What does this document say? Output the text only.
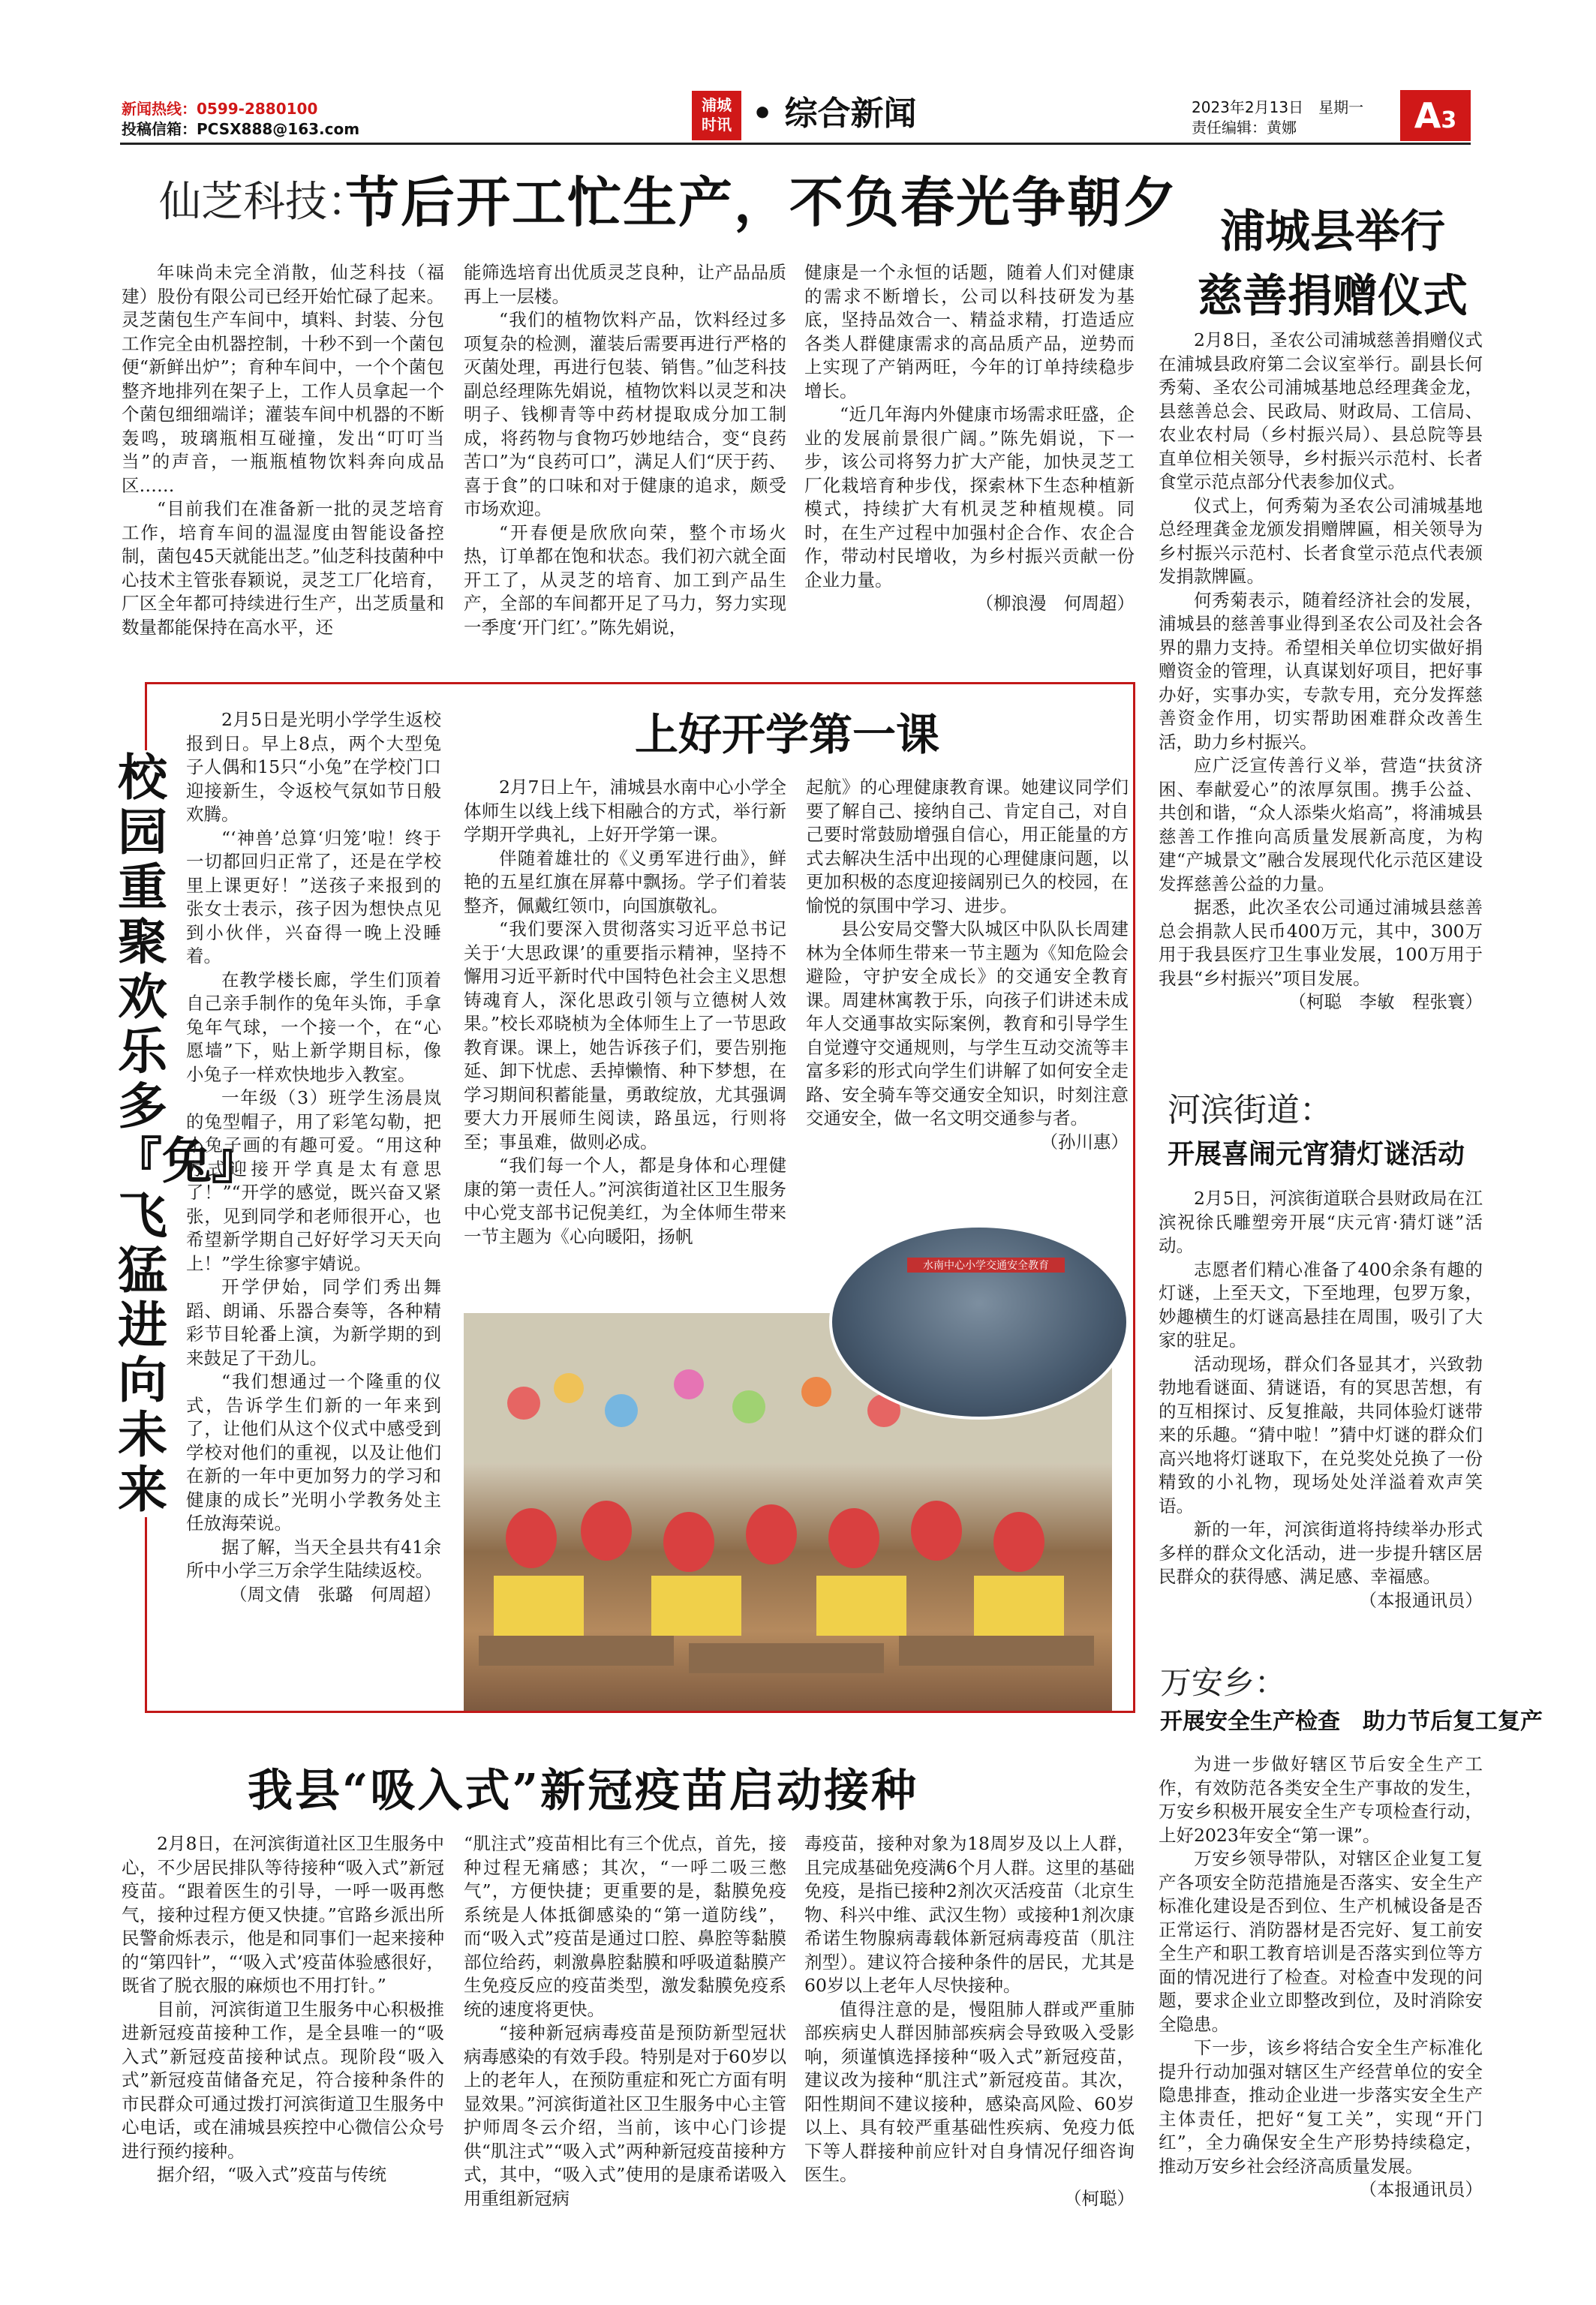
新闻热线：0599-2880100
投稿信箱：PCSX888@163.com
浦城
时讯 • 综合新闻	2023年2月13日　星期一
责任编辑：黄娜	A3
仙芝科技：
节后开工忙生产，不负春光争朝夕

年味尚未完全消散，仙芝科技（福建）股份有限公司已经开始忙碌了起来。灵芝菌包生产车间中，填料、封装、分包工作完全由机器控制，十秒不到一个菌包便“新鲜出炉”；育种车间中，一个个菌包整齐地排列在架子上，工作人员拿起一个个菌包细细端详；灌装车间中机器的不断轰鸣，玻璃瓶相互碰撞，发出“叮叮当当”的声音，一瓶瓶植物饮料奔向成品区……

“目前我们在准备新一批的灵芝培育工作，培育车间的温湿度由智能设备控制，菌包45天就能出芝。”仙芝科技菌种中心技术主管张春颖说，灵芝工厂化培育，厂区全年都可持续进行生产，出芝质量和数量都能保持在高水平，还

能筛选培育出优质灵芝良种，让产品品质再上一层楼。

“我们的植物饮料产品，饮料经过多项复杂的检测，灌装后需要再进行严格的灭菌处理，再进行包装、销售。”仙芝科技副总经理陈先娟说，植物饮料以灵芝和决明子、钱柳青等中药材提取成分加工制成，将药物与食物巧妙地结合，变“良药苦口”为“良药可口”，满足人们“厌于药、喜于食”的口味和对于健康的追求，颇受市场欢迎。

“开春便是欣欣向荣，整个市场火热，订单都在饱和状态。我们初六就全面开工了，从灵芝的培育、加工到产品生产，全部的车间都开足了马力，努力实现一季度‘开门红’。”陈先娟说，

健康是一个永恒的话题，随着人们对健康的需求不断增长，公司以科技研发为基底，坚持品效合一、精益求精，打造适应各类人群健康需求的高品质产品，逆势而上实现了产销两旺，今年的订单持续稳步增长。

“近几年海内外健康市场需求旺盛，企业的发展前景很广阔。”陈先娟说，下一步，该公司将努力扩大产能，加快灵芝工厂化栽培育种步伐，探索林下生态种植新模式，持续扩大有机灵芝种植规模。同时，在生产过程中加强村企合作、农企合作，带动村民增收，为乡村振兴贡献一份企业力量。

（柳浪漫　何周超）

浦城县举行
慈善捐赠仪式

2月8日，圣农公司浦城慈善捐赠仪式在浦城县政府第二会议室举行。副县长何秀菊、圣农公司浦城基地总经理龚金龙，县慈善总会、民政局、财政局、工信局、农业农村局（乡村振兴局）、县总院等县直单位相关领导，乡村振兴示范村、长者食堂示范点部分代表参加仪式。

仪式上，何秀菊为圣农公司浦城基地总经理龚金龙颁发捐赠牌匾，相关领导为乡村振兴示范村、长者食堂示范点代表颁发捐款牌匾。

何秀菊表示，随着经济社会的发展，浦城县的慈善事业得到圣农公司及社会各界的鼎力支持。希望相关单位切实做好捐赠资金的管理，认真谋划好项目，把好事办好，实事办实，专款专用，充分发挥慈善资金作用，切实帮助困难群众改善生活，助力乡村振兴。

应广泛宣传善行义举，营造“扶贫济困、奉献爱心”的浓厚氛围。携手公益、共创和谐，“众人添柴火焰高”，将浦城县慈善工作推向高质量发展新高度，为构建“产城景文”融合发展现代化示范区建设发挥慈善公益的力量。

据悉，此次圣农公司通过浦城县慈善总会捐款人民币400万元，其中，300万用于我县医疗卫生事业发展，100万用于我县“乡村振兴”项目发展。

（柯聪　李敏　程张寰）

校园重聚欢乐多『兔』飞猛进向未来

2月5日是光明小学学生返校报到日。早上8点，两个大型兔子人偶和15只“小兔”在学校门口迎接新生，令返校气氛如节日般欢腾。

“‘神兽’总算‘归笼’啦！终于一切都回归正常了，还是在学校里上课更好！”送孩子来报到的张女士表示，孩子因为想快点见到小伙伴，兴奋得一晚上没睡着。

在教学楼长廊，学生们顶着自己亲手制作的兔年头饰，手拿兔年气球，一个接一个，在“心愿墙”下，贴上新学期目标，像小兔子一样欢快地步入教室。

一年级（3）班学生汤晨岚的兔型帽子，用了彩笔勾勒，把小兔子画的有趣可爱。“用这种方式迎接开学真是太有意思了！”“开学的感觉，既兴奋又紧张，见到同学和老师很开心，也希望新学期自己好好学习天天向上！”学生徐寥宇婧说。

开学伊始，同学们秀出舞蹈、朗诵、乐器合奏等，各种精彩节目轮番上演，为新学期的到来鼓足了干劲儿。

“我们想通过一个隆重的仪式，告诉学生们新的一年来到了，让他们从这个仪式中感受到学校对他们的重视，以及让他们在新的一年中更加努力的学习和健康的成长”光明小学教务处主任放海荣说。

据了解，当天全县共有41余所中小学三万余学生陆续返校。

（周文倩　张璐　何周超）

上好开学第一课

2月7日上午，浦城县水南中心小学全体师生以线上线下相融合的方式，举行新学期开学典礼，上好开学第一课。

伴随着雄壮的《义勇军进行曲》，鲜艳的五星红旗在屏幕中飘扬。学子们着装整齐，佩戴红领巾，向国旗敬礼。

“我们要深入贯彻落实习近平总书记关于‘大思政课’的重要指示精神，坚持不懈用习近平新时代中国特色社会主义思想铸魂育人，深化思政引领与立德树人效果。”校长邓晓桢为全体师生上了一节思政教育课。课上，她告诉孩子们，要告别拖延、卸下忧虑、丢掉懒惰、种下梦想，在学习期间积蓄能量，勇敢绽放，尤其强调要大力开展师生阅读，路虽远，行则将至；事虽难，做则必成。

“我们每一个人，都是身体和心理健康的第一责任人。”河滨街道社区卫生服务中心党支部书记倪美红，为全体师生带来一节主题为《心向暖阳，扬帆

起航》的心理健康教育课。她建议同学们要了解自己、接纳自己、肯定自己，对自己要时常鼓励增强自信心，用正能量的方式去解决生活中出现的心理健康问题，以更加积极的态度迎接阔别已久的校园，在愉悦的氛围中学习、进步。

县公安局交警大队城区中队队长周建林为全体师生带来一节主题为《知危险会避险，守护安全成长》的交通安全教育课。周建林寓教于乐，向孩子们讲述未成年人交通事故实际案例，教育和引导学生自觉遵守交通规则，与学生互动交流等丰富多彩的形式向学生们讲解了如何安全走路、安全骑车等交通安全知识，时刻注意交通安全，做一名文明交通参与者。

（孙川惠）

水南中心小学交通安全教育
河滨街道：
开展喜闹元宵猜灯谜活动

2月5日，河滨街道联合县财政局在江滨祝徐氏雕塑旁开展“庆元宵·猜灯谜”活动。

志愿者们精心准备了400余条有趣的灯谜，上至天文，下至地理，包罗万象，妙趣横生的灯谜高悬挂在周围，吸引了大家的驻足。

活动现场，群众们各显其才，兴致勃勃地看谜面、猜谜语，有的冥思苦想，有的互相探讨、反复推敲，共同体验灯谜带来的乐趣。“猜中啦！”猜中灯谜的群众们高兴地将灯谜取下，在兑奖处兑换了一份精致的小礼物，现场处处洋溢着欢声笑语。

新的一年，河滨街道将持续举办形式多样的群众文化活动，进一步提升辖区居民群众的获得感、满足感、幸福感。

（本报通讯员）

万安乡：
开展安全生产检查　助力节后复工复产

为进一步做好辖区节后安全生产工作，有效防范各类安全生产事故的发生，万安乡积极开展安全生产专项检查行动，上好2023年安全“第一课”。

万安乡领导带队，对辖区企业复工复产各项安全防范措施是否落实、安全生产标准化建设是否到位、生产机械设备是否正常运行、消防器材是否完好、复工前安全生产和职工教育培训是否落实到位等方面的情况进行了检查。对检查中发现的问题，要求企业立即整改到位，及时消除安全隐患。

下一步，该乡将结合安全生产标准化提升行动加强对辖区生产经营单位的安全隐患排查，推动企业进一步落实安全生产主体责任，把好“复工关”，实现“开门红”，全力确保安全生产形势持续稳定，推动万安乡社会经济高质量发展。

（本报通讯员）

我县“吸入式”新冠疫苗启动接种

2月8日，在河滨街道社区卫生服务中心，不少居民排队等待接种“吸入式”新冠疫苗。“跟着医生的引导，一呼一吸再憋气，接种过程方便又快捷。”官路乡派出所民警俞烁表示，他是和同事们一起来接种的“第四针”，“‘吸入式’疫苗体验感很好，既省了脱衣服的麻烦也不用打针。”

目前，河滨街道卫生服务中心积极推进新冠疫苗接种工作，是全县唯一的“吸入式”新冠疫苗接种试点。现阶段“吸入式”新冠疫苗储备充足，符合接种条件的市民群众可通过拨打河滨街道卫生服务中心电话，或在浦城县疾控中心微信公众号进行预约接种。

据介绍，“吸入式”疫苗与传统

“肌注式”疫苗相比有三个优点，首先，接种过程无痛感；其次，“一呼二吸三憋气”，方便快捷；更重要的是，黏膜免疫系统是人体抵御感染的“第一道防线”，而“吸入式”疫苗是通过口腔、鼻腔等黏膜部位给药，刺激鼻腔黏膜和呼吸道黏膜产生免疫反应的疫苗类型，激发黏膜免疫系统的速度将更快。

“接种新冠病毒疫苗是预防新型冠状病毒感染的有效手段。特别是对于60岁以上的老年人，在预防重症和死亡方面有明显效果。”河滨街道社区卫生服务中心主管护师周冬云介绍，当前，该中心门诊提供“肌注式”“吸入式”两种新冠疫苗接种方式，其中，“吸入式”使用的是康希诺吸入用重组新冠病

毒疫苗，接种对象为18周岁及以上人群，且完成基础免疫满6个月人群。这里的基础免疫，是指已接种2剂次灭活疫苗（北京生物、科兴中维、武汉生物）或接种1剂次康希诺生物腺病毒载体新冠病毒疫苗（肌注剂型）。建议符合接种条件的居民，尤其是60岁以上老年人尽快接种。

值得注意的是，慢阻肺人群或严重肺部疾病史人群因肺部疾病会导致吸入受影响，须谨慎选择接种“吸入式”新冠疫苗，建议改为接种“肌注式”新冠疫苗。其次，阳性期间不建议接种，感染高风险、60岁以上、具有较严重基础性疾病、免疫力低下等人群接种前应针对自身情况仔细咨询医生。

（柯聪）
